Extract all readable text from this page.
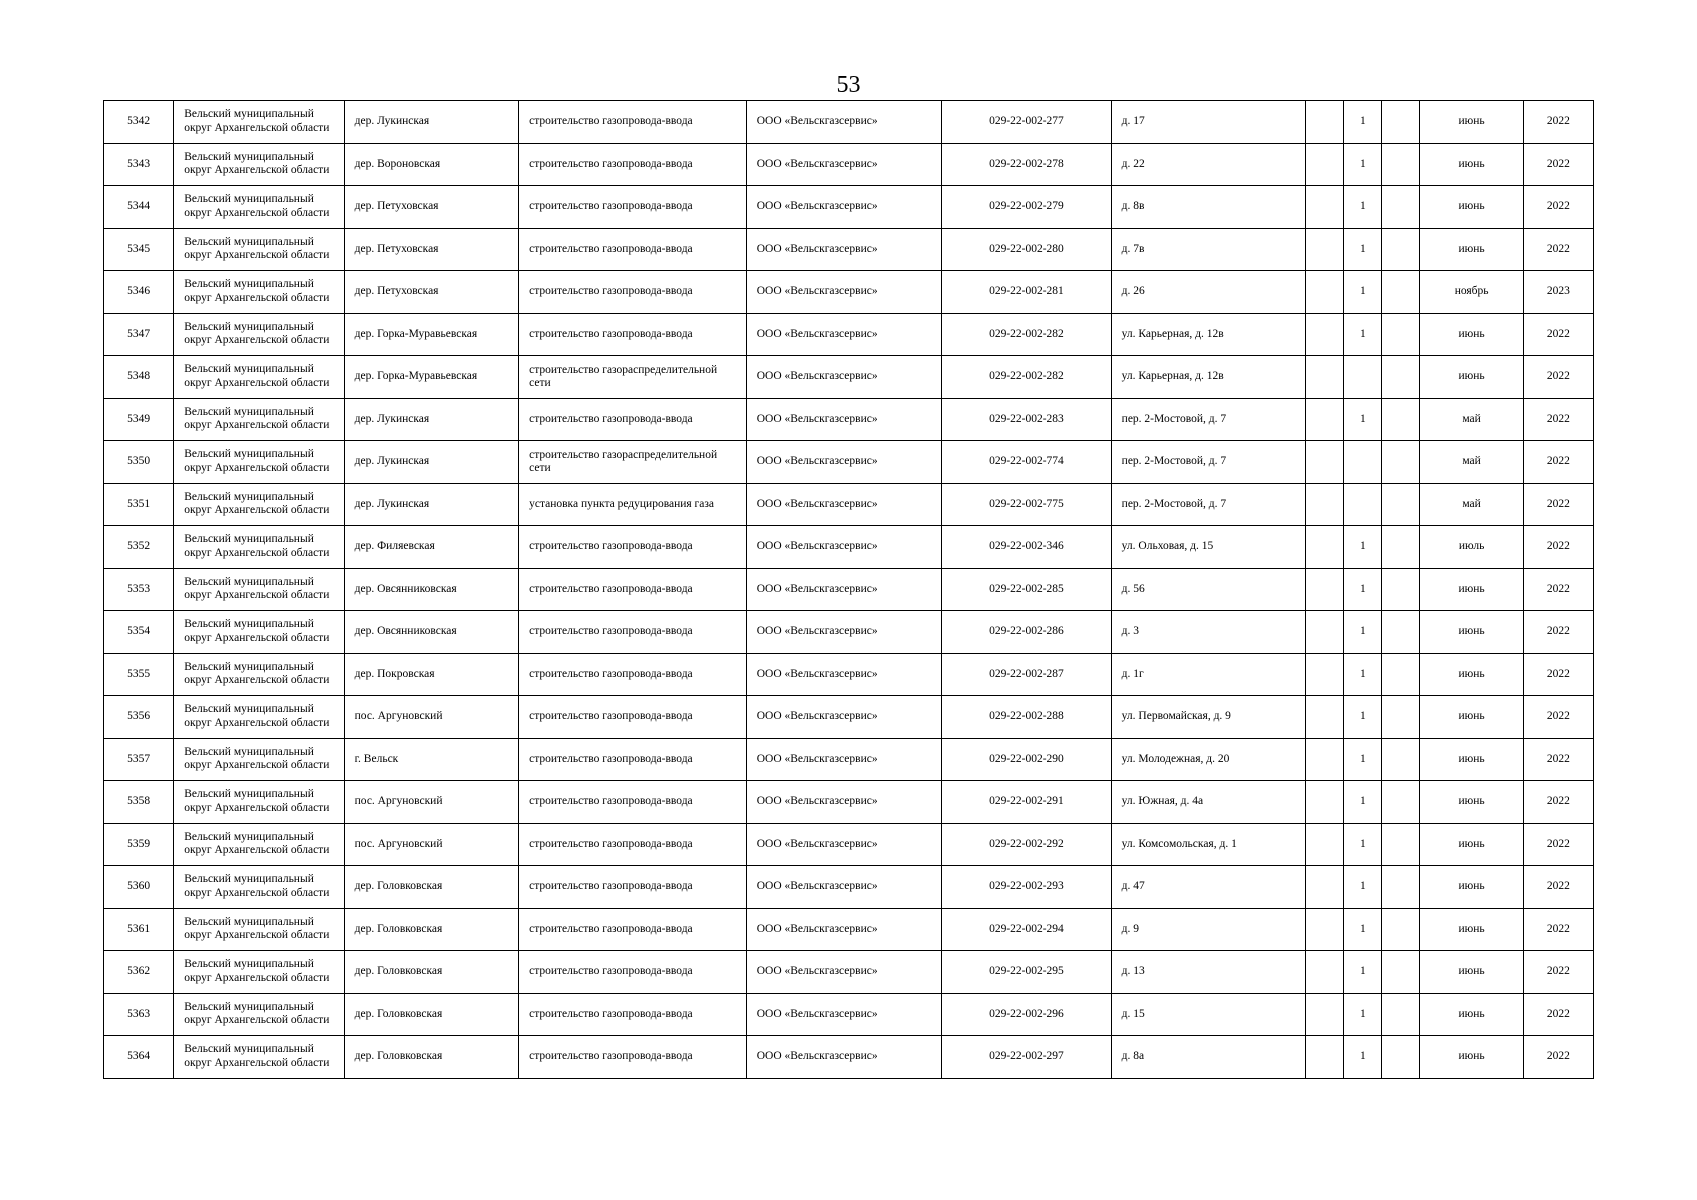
53
5342	Вельский муниципальный округ Архангельской области	дер. Лукинская	строительство газопровода-ввода	ООО «Вельскгазсервис»	029-22-002-277	д. 17		1		июнь	2022
5343	Вельский муниципальный округ Архангельской области	дер. Вороновская	строительство газопровода-ввода	ООО «Вельскгазсервис»	029-22-002-278	д. 22		1		июнь	2022
5344	Вельский муниципальный округ Архангельской области	дер. Петуховская	строительство газопровода-ввода	ООО «Вельскгазсервис»	029-22-002-279	д. 8в		1		июнь	2022
5345	Вельский муниципальный округ Архангельской области	дер. Петуховская	строительство газопровода-ввода	ООО «Вельскгазсервис»	029-22-002-280	д. 7в		1		июнь	2022
5346	Вельский муниципальный округ Архангельской области	дер. Петуховская	строительство газопровода-ввода	ООО «Вельскгазсервис»	029-22-002-281	д. 26		1		ноябрь	2023
5347	Вельский муниципальный округ Архангельской области	дер. Горка-Муравьевская	строительство газопровода-ввода	ООО «Вельскгазсервис»	029-22-002-282	ул. Карьерная, д. 12в		1		июнь	2022
5348	Вельский муниципальный округ Архангельской области	дер. Горка-Муравьевская	строительство газораспределительной сети	ООО «Вельскгазсервис»	029-22-002-282	ул. Карьерная, д. 12в				июнь	2022
5349	Вельский муниципальный округ Архангельской области	дер. Лукинская	строительство газопровода-ввода	ООО «Вельскгазсервис»	029-22-002-283	пер. 2-Мостовой, д. 7		1		май	2022
5350	Вельский муниципальный округ Архангельской области	дер. Лукинская	строительство газораспределительной сети	ООО «Вельскгазсервис»	029-22-002-774	пер. 2-Мостовой, д. 7				май	2022
5351	Вельский муниципальный округ Архангельской области	дер. Лукинская	установка пункта редуцирования газа	ООО «Вельскгазсервис»	029-22-002-775	пер. 2-Мостовой, д. 7				май	2022
5352	Вельский муниципальный округ Архангельской области	дер. Филяевская	строительство газопровода-ввода	ООО «Вельскгазсервис»	029-22-002-346	ул. Ольховая, д. 15		1		июль	2022
5353	Вельский муниципальный округ Архангельской области	дер. Овсянниковская	строительство газопровода-ввода	ООО «Вельскгазсервис»	029-22-002-285	д. 56		1		июнь	2022
5354	Вельский муниципальный округ Архангельской области	дер. Овсянниковская	строительство газопровода-ввода	ООО «Вельскгазсервис»	029-22-002-286	д. 3		1		июнь	2022
5355	Вельский муниципальный округ Архангельской области	дер. Покровская	строительство газопровода-ввода	ООО «Вельскгазсервис»	029-22-002-287	д. 1г		1		июнь	2022
5356	Вельский муниципальный округ Архангельской области	пос. Аргуновский	строительство газопровода-ввода	ООО «Вельскгазсервис»	029-22-002-288	ул. Первомайская, д. 9		1		июнь	2022
5357	Вельский муниципальный округ Архангельской области	г. Вельск	строительство газопровода-ввода	ООО «Вельскгазсервис»	029-22-002-290	ул. Молодежная, д. 20		1		июнь	2022
5358	Вельский муниципальный округ Архангельской области	пос. Аргуновский	строительство газопровода-ввода	ООО «Вельскгазсервис»	029-22-002-291	ул. Южная, д. 4а		1		июнь	2022
5359	Вельский муниципальный округ Архангельской области	пос. Аргуновский	строительство газопровода-ввода	ООО «Вельскгазсервис»	029-22-002-292	ул. Комсомольская, д. 1		1		июнь	2022
5360	Вельский муниципальный округ Архангельской области	дер. Головковская	строительство газопровода-ввода	ООО «Вельскгазсервис»	029-22-002-293	д. 47		1		июнь	2022
5361	Вельский муниципальный округ Архангельской области	дер. Головковская	строительство газопровода-ввода	ООО «Вельскгазсервис»	029-22-002-294	д. 9		1		июнь	2022
5362	Вельский муниципальный округ Архангельской области	дер. Головковская	строительство газопровода-ввода	ООО «Вельскгазсервис»	029-22-002-295	д. 13		1		июнь	2022
5363	Вельский муниципальный округ Архангельской области	дер. Головковская	строительство газопровода-ввода	ООО «Вельскгазсервис»	029-22-002-296	д. 15		1		июнь	2022
5364	Вельский муниципальный округ Архангельской области	дер. Головковская	строительство газопровода-ввода	ООО «Вельскгазсервис»	029-22-002-297	д. 8а		1		июнь	2022
